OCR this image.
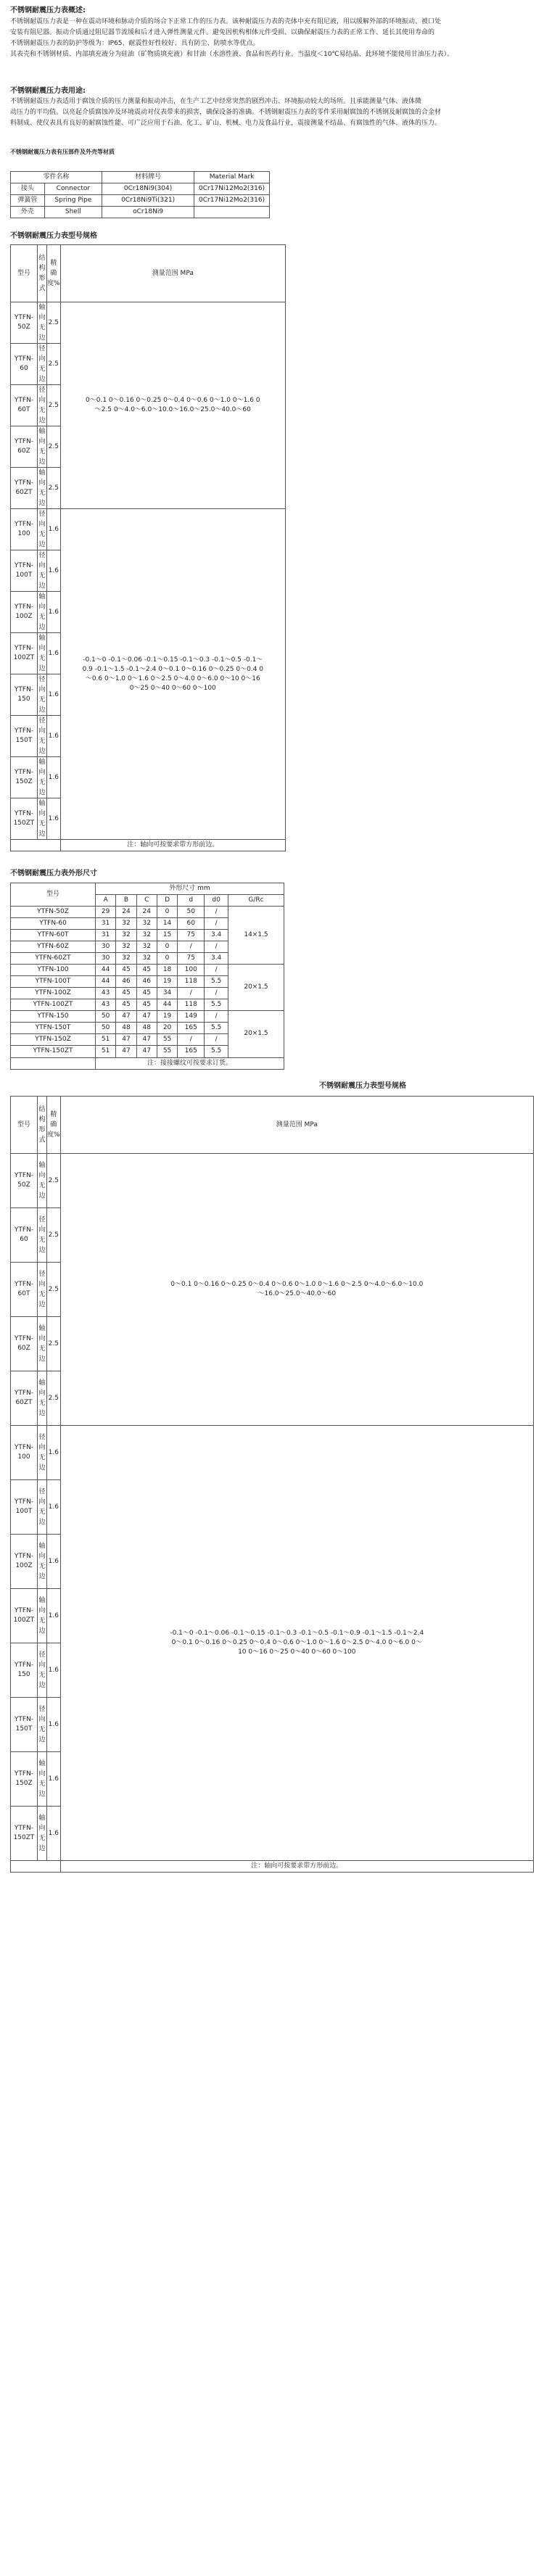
不锈钢耐震压力表概述:

不锈钢耐震压力表是一种在震动环境和脉动介质的场合下正常工作的压力表。该种耐震压力表的壳体中充有阻尼液，用以缓解外部的环境振动、被口处

安装有阻尼器。振动介质通过阻尼器节流缓和后才进入弹性测量元件。避免因机构相体元件受损、以确保耐震压力表的正常工作、延长其使用寿命的

不锈钢耐震压力表的防护等级为：IP65、耐震性好性较好、具有防尘、防喷水等优点。

其表壳和不锈钢材质、内部填充液分为硅油（矿物质填充液）和甘油（水溶性液、食品和医药行业、当温度＜10℃易结晶、此环境不能使用甘油压力表）。

不锈钢耐震压力表用途:

不锈钢耐震压力表适用于腐蚀介质的压力测量和振动冲击，在生产工艺中经常突然的剧烈冲击、环境振动较大的场所。且承能测量气体、液体微

动压力的平均值。以亮起介质腐蚀冲及环境震动对仪表带来的损害，确保设备的准确。不锈钢耐震压力表的零件采用耐腐蚀的不锈钢及耐腐蚀的合金材

料制成、使仪表具有良好的耐腐蚀性能、可广泛应用于石油、化工、矿山、机械、电力及食品行业，震接测量不结晶、有腐蚀性的气体、液体的压力。

不锈钢耐震压力表有压部件及外壳等材质

零件名称		材料牌号	Material Mark
接头	Connector	0Cr18Ni9(304)	0Cr17Ni12Mo2(316)
弹簧管	Spring Pipe	0Cr18Ni9Ti(321)	0Cr17Ni12Mo2(316)
外壳	Shell	oCr18Ni9	

不锈钢耐震压力表型号规格

型号	结构形式	精确度%	测量范围 MPa
YTFN-50Z	轴向无边	2.5	0～0.1 0～0.16 0～0.25 0～0.4 0～0.6 0～1.0 0～1.6 0～2.5 0～4.0～6.0～10.0～16.0～25.0～40.0～60
YTFN-60	径向无边	2.5	
YTFN-60T	径向无边	2.5	
YTFN-60Z	轴向无边	2.5	
YTFN-60ZT	轴向无边	2.5	
YTFN-100	径向无边	1.6	-0.1～0 -0.1～0.06 -0.1～0.15 -0.1～0.3 -0.1～0.5 -0.1～0.9 -0.1～1.5 -0.1～2.4 0～0.1 0～0.16 0～0.25 0～0.4 0～0.6 0～1.0 0～1.6 0～2.5 0～4.0 0～6.0 0～10 0～16 0～25 0～40 0～60 0～100
YTFN-100T	径向无边	1.6	
YTFN-100Z	轴向无边	1.6	
YTFN-100ZT	轴向无边	1.6	
YTFN-150	径向无边	1.6	
YTFN-150T	径向无边	1.6	
YTFN-150Z	轴向无边	1.6	
YTFN-150ZT	轴向无边	1.6	
			注：轴向可按要求带方形前边。

不锈钢耐震压力表外形尺寸

型号	外形尺寸 mm						
	A	B	C	D	d	d0	G/Rc
YTFN-50Z	29	24	24	0	50	/	14×1.5
YTFN-60	31	32	32	14	60	/	
YTFN-60T	31	32	32	15	75	3.4	
YTFN-60Z	30	32	32	0	/	/	
YTFN-60ZT	30	32	32	0	75	3.4	
YTFN-100	44	45	45	18	100	/	20×1.5
YTFN-100T	44	46	46	19	118	5.5	
YTFN-100Z	43	45	45	34	/	/	
YTFN-100ZT	43	45	45	44	118	5.5	
YTFN-150	50	47	47	19	149	/	20×1.5
YTFN-150T	50	48	48	20	165	5.5	
YTFN-150Z	51	47	47	55	/	/	
YTFN-150ZT	51	47	47	55	165	5.5	
	注：接接螺纹可按要求订货。						

不锈钢耐震压力表型号规格

型号	结构形式	精确度%	测量范围 MPa
YTFN-50Z	轴向无边	2.5	0～0.1 0～0.16 0～0.25 0～0.4 0～0.6 0～1.0 0～1.6 0～2.5 0～4.0～6.0～10.0～16.0～25.0～40.0～60
YTFN-60	径向无边	2.5	
YTFN-60T	径向无边	2.5	
YTFN-60Z	轴向无边	2.5	
YTFN-60ZT	轴向无边	2.5	
YTFN-100	径向无边	1.6	-0.1～0 -0.1～0.06 -0.1～0.15 -0.1～0.3 -0.1～0.5 -0.1～0.9 -0.1～1.5 -0.1～2.4 0～0.1 0～0.16 0～0.25 0～0.4 0～0.6 0～1.0 0～1.6 0～2.5 0～4.0 0～6.0 0～10 0～16 0～25 0～40 0～60 0～100
YTFN-100T	径向无边	1.6	
YTFN-100Z	轴向无边	1.6	
YTFN-100ZT	轴向无边	1.6	
YTFN-150	径向无边	1.6	
YTFN-150T	径向无边	1.6	
YTFN-150Z	轴向无边	1.6	
YTFN-150ZT	轴向无边	1.6	
			注：轴向可按要求带方形前边。
